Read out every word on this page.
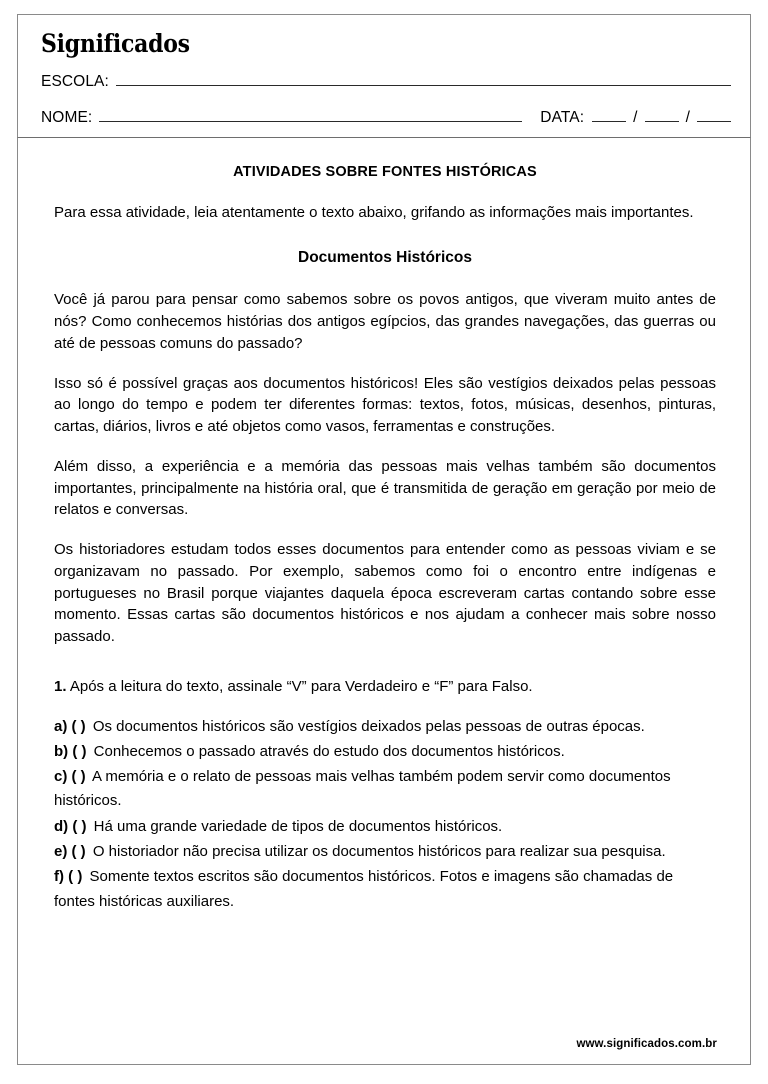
Significados
ESCOLA:
NOME:	DATA:	/	/
ATIVIDADES SOBRE FONTES HISTÓRICAS

Para essa atividade, leia atentamente o texto abaixo, grifando as informações mais importantes.

Documentos Históricos

Você já parou para pensar como sabemos sobre os povos antigos, que viveram muito antes de nós? Como conhecemos histórias dos antigos egípcios, das grandes navegações, das guerras ou até de pessoas comuns do passado?

Isso só é possível graças aos documentos históricos! Eles são vestígios deixados pelas pessoas ao longo do tempo e podem ter diferentes formas: textos, fotos, músicas, desenhos, pinturas, cartas, diários, livros e até objetos como vasos, ferramentas e construções.

Além disso, a experiência e a memória das pessoas mais velhas também são documentos importantes, principalmente na história oral, que é transmitida de geração em geração por meio de relatos e conversas.

Os historiadores estudam todos esses documentos para entender como as pessoas viviam e se organizavam no passado. Por exemplo, sabemos como foi o encontro entre indígenas e portugueses no Brasil porque viajantes daquela época escreveram cartas contando sobre esse momento. Essas cartas são documentos históricos e nos ajudam a conhecer mais sobre nosso passado.

1. Após a leitura do texto, assinale “V” para Verdadeiro e “F” para Falso.

a) ( ) Os documentos históricos são vestígios deixados pelas pessoas de outras épocas.
b) ( ) Conhecemos o passado através do estudo dos documentos históricos.
c) ( ) A memória e o relato de pessoas mais velhas também podem servir como documentos históricos.
d) ( ) Há uma grande variedade de tipos de documentos históricos.
e) ( ) O historiador não precisa utilizar os documentos históricos para realizar sua pesquisa.
f) ( ) Somente textos escritos são documentos históricos. Fotos e imagens são chamadas de fontes históricas auxiliares.
www.significados.com.br
